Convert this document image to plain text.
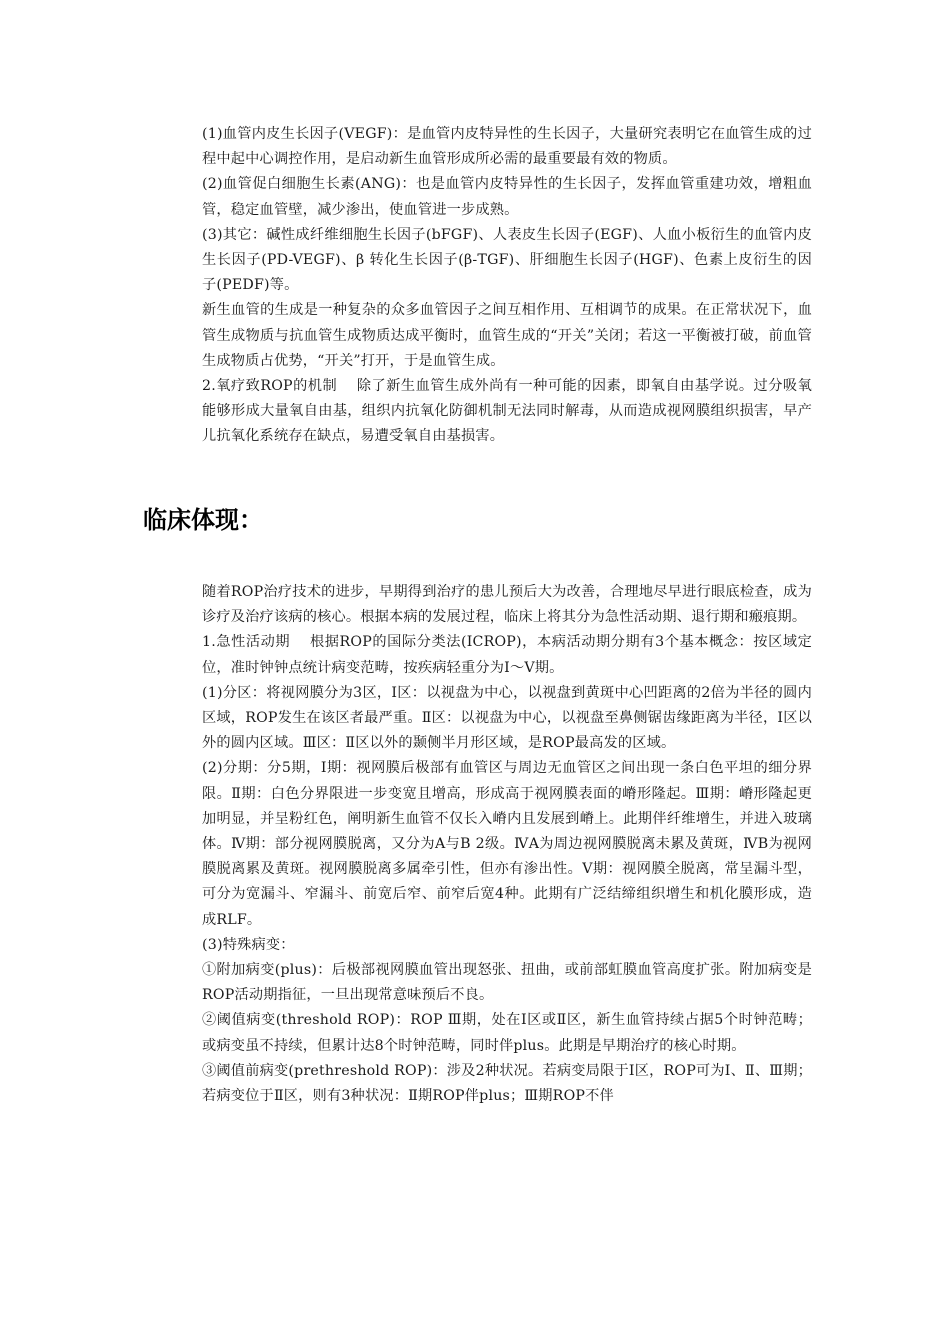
(1)血管内皮生长因子(VEGF)：是血管内皮特异性的生长因子，大量研究表明它在血管生成的过程中起中心调控作用，是启动新生血管形成所必需的最重要最有效的物质。

(2)血管促白细胞生长素(ANG)：也是血管内皮特异性的生长因子，发挥血管重建功效，增粗血管，稳定血管壁，减少渗出，使血管进一步成熟。

(3)其它：碱性成纤维细胞生长因子(bFGF)、人表皮生长因子(EGF)、人血小板衍生的血管内皮生长因子(PD-VEGF)、β 转化生长因子(β-TGF)、肝细胞生长因子(HGF)、色素上皮衍生的因子(PEDF)等。

新生血管的生成是一种复杂的众多血管因子之间互相作用、互相调节的成果。在正常状况下，血管生成物质与抗血管生成物质达成平衡时，血管生成的“开关”关闭；若这一平衡被打破，前血管生成物质占优势，“开关”打开，于是血管生成。

2.氧疗致ROP的机制　 除了新生血管生成外尚有一种可能的因素，即氧自由基学说。过分吸氧能够形成大量氧自由基，组织内抗氧化防御机制无法同时解毒，从而造成视网膜组织损害，早产儿抗氧化系统存在缺点，易遭受氧自由基损害。

临床体现：

随着ROP治疗技术的进步，早期得到治疗的患儿预后大为改善，合理地尽早进行眼底检查，成为诊疗及治疗该病的核心。根据本病的发展过程，临床上将其分为急性活动期、退行期和瘢痕期。

1.急性活动期　 根据ROP的国际分类法(ICROP)，本病活动期分期有3个基本概念：按区域定位，准时钟钟点统计病变范畴，按疾病轻重分为Ⅰ～Ⅴ期。

(1)分区：将视网膜分为3区，Ⅰ区：以视盘为中心，以视盘到黄斑中心凹距离的2倍为半径的圆内区域，ROP发生在该区者最严重。Ⅱ区：以视盘为中心，以视盘至鼻侧锯齿缘距离为半径，Ⅰ区以外的圆内区域。Ⅲ区：Ⅱ区以外的颞侧半月形区域，是ROP最高发的区域。

(2)分期：分5期，Ⅰ期：视网膜后极部有血管区与周边无血管区之间出现一条白色平坦的细分界限。Ⅱ期：白色分界限进一步变宽且增高，形成高于视网膜表面的嵴形隆起。Ⅲ期：嵴形隆起更加明显，并呈粉红色，阐明新生血管不仅长入嵴内且发展到嵴上。此期伴纤维增生，并进入玻璃体。Ⅳ期：部分视网膜脱离，又分为A与B 2级。ⅣA为周边视网膜脱离未累及黄斑，ⅣB为视网膜脱离累及黄斑。视网膜脱离多属牵引性，但亦有渗出性。Ⅴ期：视网膜全脱离，常呈漏斗型，可分为宽漏斗、窄漏斗、前宽后窄、前窄后宽4种。此期有广泛结缔组织增生和机化膜形成，造成RLF。

(3)特殊病变：

①附加病变(plus)：后极部视网膜血管出现怒张、扭曲，或前部虹膜血管高度扩张。附加病变是ROP活动期指征，一旦出现常意味预后不良。

②阈值病变(threshold ROP)：ROP Ⅲ期，处在Ⅰ区或Ⅱ区，新生血管持续占据5个时钟范畴；或病变虽不持续，但累计达8个时钟范畴，同时伴plus。此期是早期治疗的核心时期。

③阈值前病变(prethreshold ROP)：涉及2种状况。若病变局限于Ⅰ区，ROP可为Ⅰ、Ⅱ、Ⅲ期；若病变位于Ⅱ区，则有3种状况：Ⅱ期ROP伴plus；Ⅲ期ROP不伴
